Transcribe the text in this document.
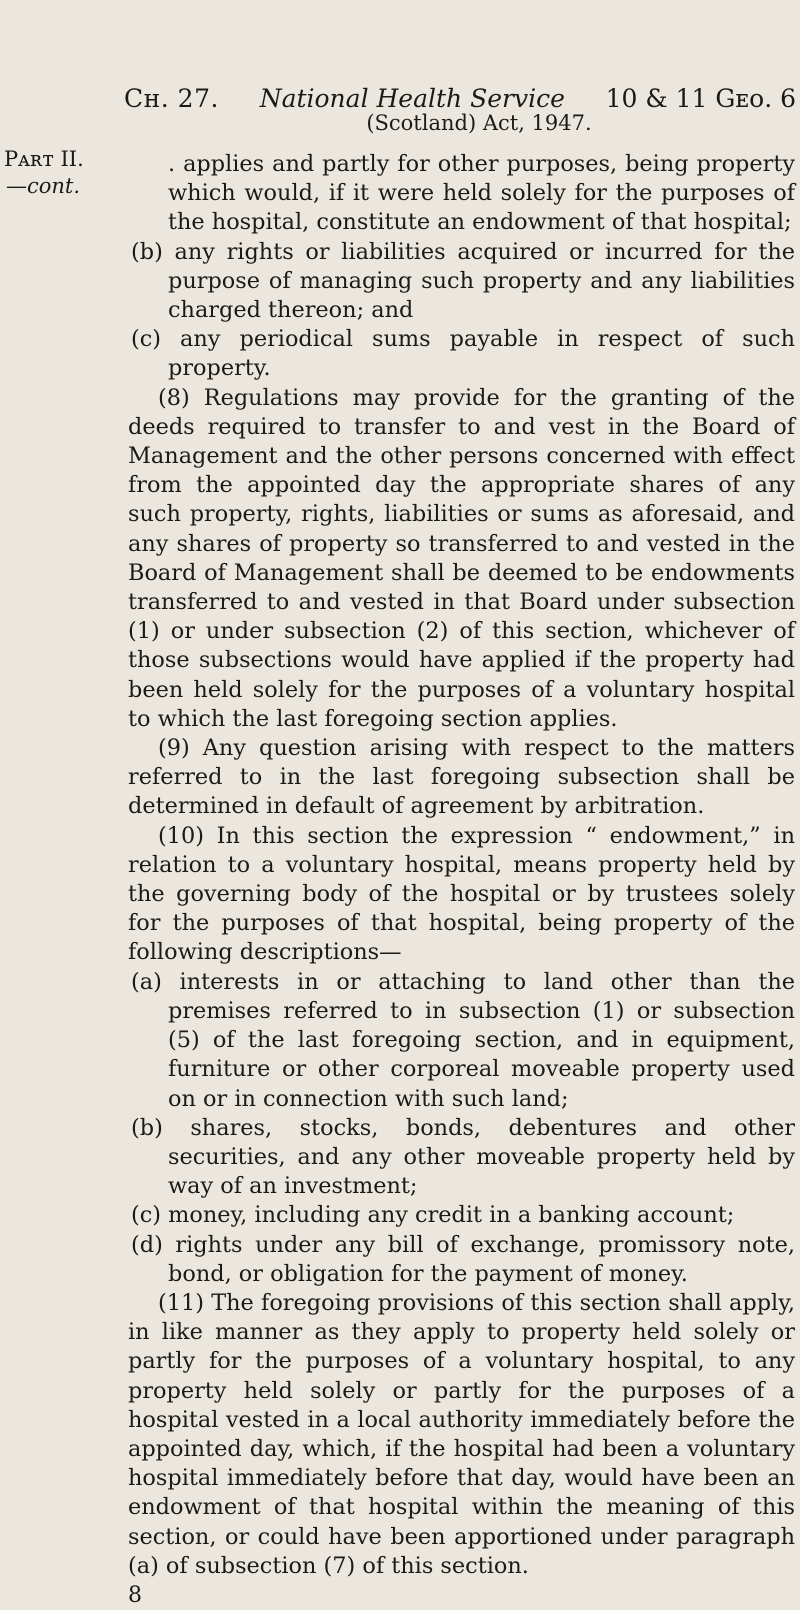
Cʜ. 27. National Health Service 10 & 11 Gᴇᴏ. 6
(Scotland) Act, 1947.
Pᴀʀᴛ II.
—cont.

. applies and partly for other purposes, being property which would, if it were held solely for the purposes of the hospital, constitute an endowment of that hospital;

(b) any rights or liabilities acquired or incurred for the purpose of managing such property and any liabilities charged thereon; and

(c) any periodical sums payable in respect of such property.

(8) Regulations may provide for the granting of the deeds required to transfer to and vest in the Board of Management and the other persons concerned with effect from the appointed day the appropriate shares of any such property, rights, liabilities or sums as aforesaid, and any shares of property so transferred to and vested in the Board of Management shall be deemed to be endowments transferred to and vested in that Board under subsection (1) or under subsection (2) of this section, whichever of those subsections would have applied if the property had been held solely for the purposes of a voluntary hospital to which the last foregoing section applies.

(9) Any question arising with respect to the matters referred to in the last foregoing subsection shall be determined in default of agreement by arbitration.

(10) In this section the expression “ endowment,” in relation to a voluntary hospital, means property held by the governing body of the hospital or by trustees solely for the purposes of that hospital, being property of the following descriptions—

(a) interests in or attaching to land other than the premises referred to in subsection (1) or subsection (5) of the last foregoing section, and in equipment, furniture or other corporeal moveable property used on or in connection with such land;

(b) shares, stocks, bonds, debentures and other securities, and any other moveable property held by way of an investment;

(c) money, including any credit in a banking account;

(d) rights under any bill of exchange, promissory note, bond, or obligation for the payment of money.

(11) The foregoing provisions of this section shall apply, in like manner as they apply to property held solely or partly for the purposes of a voluntary hospital, to any property held solely or partly for the purposes of a hospital vested in a local authority immediately before the appointed day, which, if the hospital had been a voluntary hospital immediately before that day, would have been an endowment of that hospital within the meaning of this section, or could have been apportioned under paragraph (a) of subsection (7) of this section.

8
